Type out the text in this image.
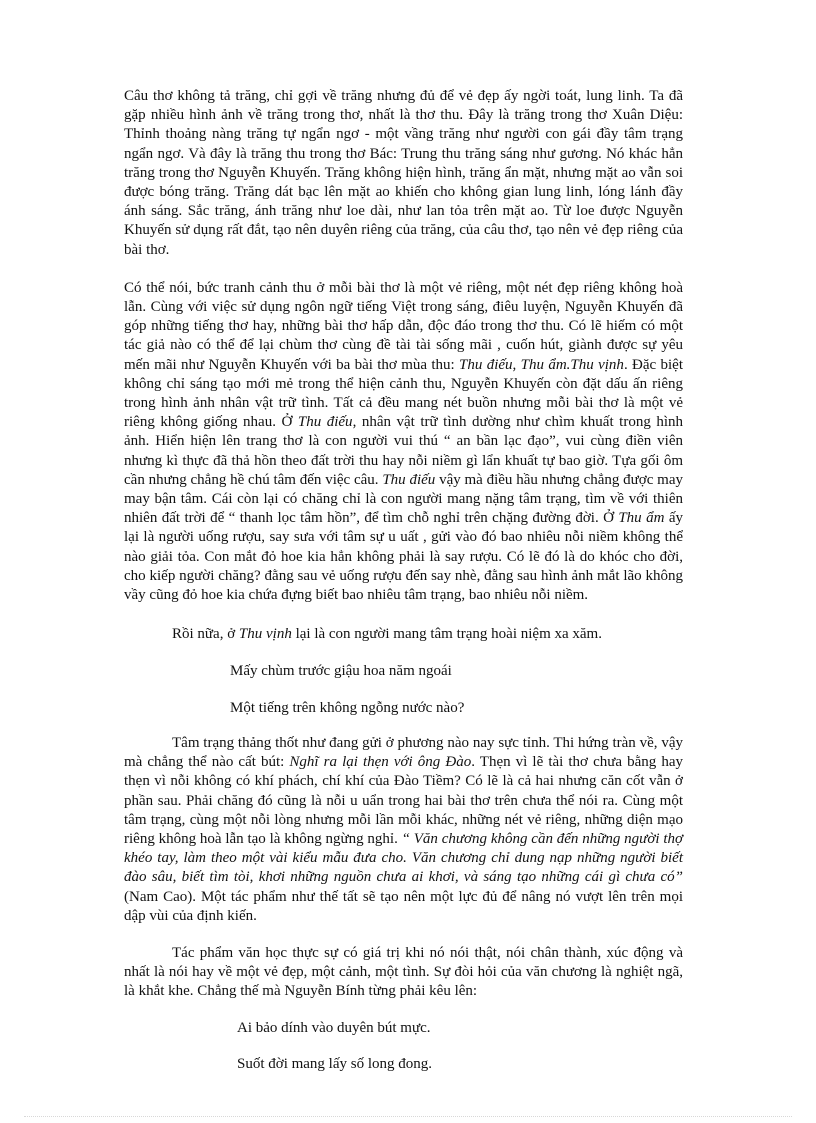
Câu thơ không tả trăng, chỉ gợi về trăng nhưng đủ để vẻ đẹp ấy ngời toát, lung linh. Ta đã gặp nhiều hình ảnh về trăng trong thơ, nhất là thơ thu. Đây là trăng trong thơ Xuân Diệu: Thỉnh thoảng nàng trăng tự ngẩn ngơ - một vầng trăng như người con gái đầy tâm trạng ngẩn ngơ. Và đây là trăng thu trong thơ Bác: Trung thu trăng sáng như gương. Nó khác hẳn trăng trong thơ Nguyễn Khuyến. Trăng không hiện hình, trăng ẩn mặt, nhưng mặt ao vẫn soi được bóng trăng. Trăng dát bạc lên mặt ao khiến cho không gian lung linh, lóng lánh đầy ánh sáng. Sắc trăng, ánh trăng như loe dài, như lan tỏa trên mặt ao. Từ loe được Nguyễn Khuyến sử dụng rất đắt, tạo nên duyên riêng của trăng, của câu thơ, tạo nên vẻ đẹp riêng của bài thơ.

Có thể nói, bức tranh cảnh thu ở mỗi bài thơ là một vẻ riêng, một nét đẹp riêng không hoà lẫn. Cùng với việc sử dụng ngôn ngữ tiếng Việt trong sáng, điêu luyện, Nguyễn Khuyến đã góp những tiếng thơ hay, những bài thơ hấp dẫn, độc đáo trong thơ thu. Có lẽ hiếm có một tác giả nào có thể để lại chùm thơ cùng đề tài tài sống mãi , cuốn hút, giành được sự yêu mến mãi như Nguyễn Khuyến với ba bài thơ mùa thu: Thu điếu, Thu ẩm.Thu vịnh. Đặc biệt không chỉ sáng tạo mới mẻ trong thể hiện cảnh thu, Nguyễn Khuyến còn đặt dấu ấn riêng trong hình ảnh nhân vật trữ tình. Tất cả đều mang nét buồn nhưng mỗi bài thơ là một vẻ riêng không giống nhau. Ở Thu điếu, nhân vật trữ tình dường như chìm khuất trong hình ảnh. Hiển hiện lên trang thơ là con người vui thú “ an bần lạc đạo”, vui cùng điền viên nhưng kì thực đã thả hồn theo đất trời thu hay nỗi niềm gì lẩn khuất tự bao giờ. Tựa gối ôm cần nhưng chẳng hề chú tâm đến việc câu. Thu điếu vậy mà điều hầu nhưng chẳng được may may bận tâm. Cái còn lại có chăng chỉ là con người mang nặng tâm trạng, tìm về với thiên nhiên đất trời để “ thanh lọc tâm hồn”, để tìm chỗ nghỉ trên chặng đường đời. Ở Thu ẩm ấy lại là người uống rượu, say sưa với tâm sự u uất , gửi vào đó bao nhiêu nỗi niềm không thể nào giải tỏa. Con mắt đỏ hoe kia hẳn không phải là say rượu. Có lẽ đó là do khóc cho đời, cho kiếp người chăng? đằng sau vẻ uống rượu đến say nhè, đằng sau hình ảnh mắt lão không vầy cũng đỏ hoe kia chứa đựng biết bao nhiêu tâm trạng, bao nhiêu nỗi niềm.

Rồi nữa, ở Thu vịnh lại là con người mang tâm trạng hoài niệm xa xăm.

Mấy chùm trước giậu hoa năm ngoái

Một tiếng trên không ngỗng nước nào?

Tâm trạng thảng thốt như đang gửi ở phương nào nay sực tỉnh. Thi hứng tràn về, vậy mà chẳng thể nào cất bút: Nghĩ ra lại thẹn với ông Đào. Thẹn vì lẽ tài thơ chưa bằng hay thẹn vì nỗi không có khí phách, chí khí của Đào Tiềm? Có lẽ là cả hai nhưng căn cốt vẫn ở phần sau. Phải chăng đó cũng là nỗi u uẩn trong hai bài thơ trên chưa thể nói ra. Cùng một tâm trạng, cùng một nỗi lòng nhưng mỗi lần mỗi khác, những nét vẻ riêng, những diện mạo riêng không hoà lẫn tạo là không ngừng nghỉ. “ Văn chương không cần đến những người thợ khéo tay, làm theo một vài kiểu mẫu đưa cho. Văn chương chỉ dung nạp những người biết đào sâu, biết tìm tòi, khơi những nguồn chưa ai khơi, và sáng tạo những cái gì chưa có” (Nam Cao). Một tác phẩm như thế tất sẽ tạo nên một lực đủ để nâng nó vượt lên trên mọi dập vùi của định kiến.

Tác phẩm văn học thực sự có giá trị khi nó nói thật, nói chân thành, xúc động và nhất là nói hay về một vẻ đẹp, một cảnh, một tình. Sự đòi hỏi của văn chương là nghiệt ngã, là khắt khe. Chẳng thế mà Nguyễn Bính từng phải kêu lên:

Ai bảo dính vào duyên bút mực.

Suốt đời mang lấy số long đong.
